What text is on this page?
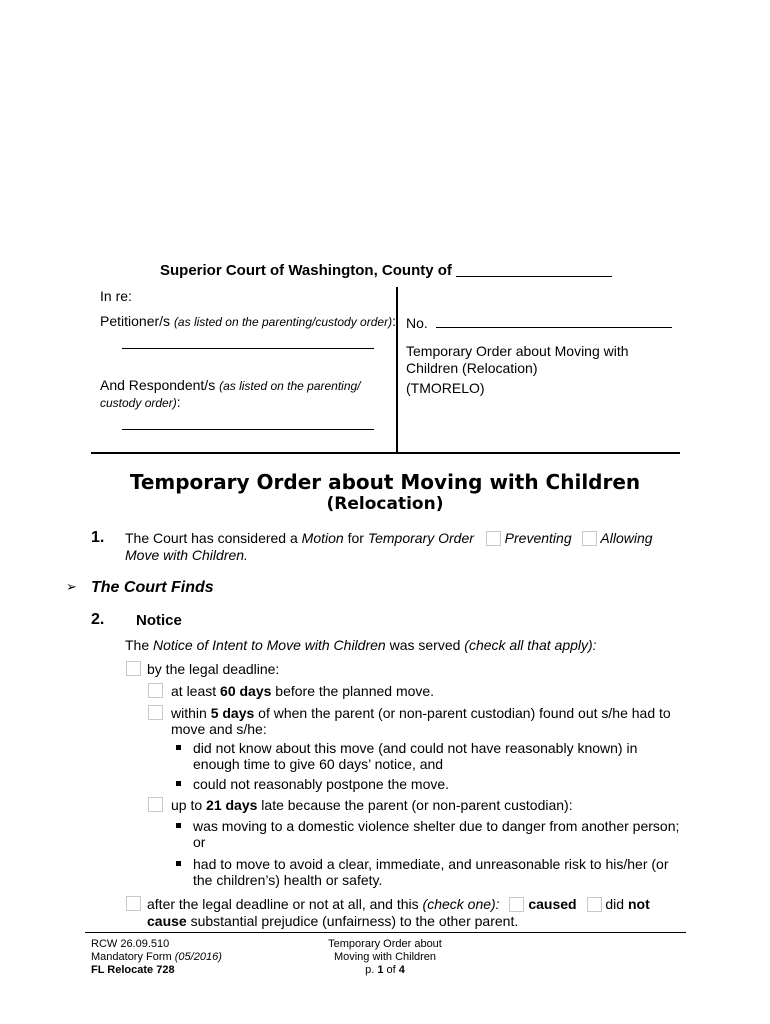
Superior Court of Washington, County of
In re:
Petitioner/s (as listed on the parenting/custody order):
And Respondent/s (as listed on the parenting/
custody order):
No.
Temporary Order about Moving with
Children (Relocation)
(TMORELO)
Temporary Order about Moving with Children
(Relocation)
1. The Court has considered a Motion for Temporary Order Preventing Allowing
Move with Children.
➢ The Court Finds
2. Notice
The Notice of Intent to Move with Children was served (check all that apply):
by the legal deadline:
at least 60 days before the planned move.
within 5 days of when the parent (or non-parent custodian) found out s/he had to
move and s/he:
did not know about this move (and could not have reasonably known) in
enough time to give 60 days’ notice, and
could not reasonably postpone the move.
up to 21 days late because the parent (or non-parent custodian):
was moving to a domestic violence shelter due to danger from another person;
or
had to move to avoid a clear, immediate, and unreasonable risk to his/her (or
the children’s) health or safety.
after the legal deadline or not at all, and this (check one): caused did not
cause substantial prejudice (unfairness) to the other parent.
RCW 26.09.510
Mandatory Form (05/2016)
FL Relocate 728
Temporary Order about
Moving with Children
p. 1 of 4
